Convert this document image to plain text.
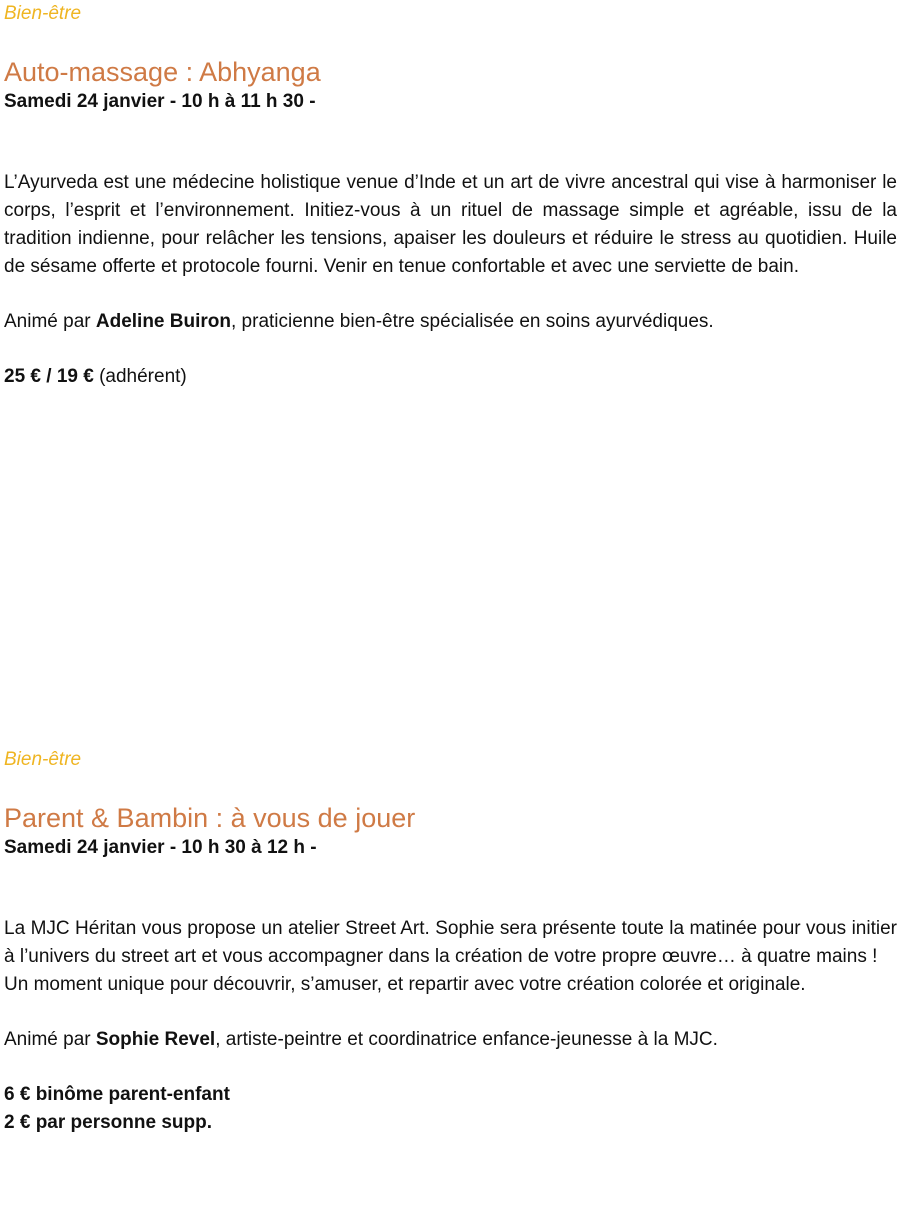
Bien-être

Auto-massage : Abhyanga

Samedi 24 janvier - 10 h à 11 h 30 -

L’Ayurveda est une médecine holistique venue d’Inde et un art de vivre ancestral qui vise à harmoniser le corps, l’esprit et l’environnement. Initiez-vous à un rituel de massage simple et agréable, issu de la tradition indienne, pour relâcher les tensions, apaiser les douleurs et réduire le stress au quotidien. Huile de sésame offerte et protocole fourni. Venir en tenue confortable et avec une serviette de bain.

Animé par Adeline Buiron, praticienne bien-être spécialisée en soins ayurvédiques.

25 € / 19 € (adhérent)

Bien-être

Parent & Bambin : à vous de jouer

Samedi 24 janvier - 10 h 30 à 12 h -

La MJC Héritan vous propose un atelier Street Art. Sophie sera présente toute la matinée pour vous initier à l’univers du street art et vous accompagner dans la création de votre propre œuvre… à quatre mains !

Un moment unique pour découvrir, s’amuser, et repartir avec votre création colorée et originale.

Animé par Sophie Revel, artiste-peintre et coordinatrice enfance-jeunesse à la MJC.

6 € binôme parent-enfant

2 € par personne supp.
